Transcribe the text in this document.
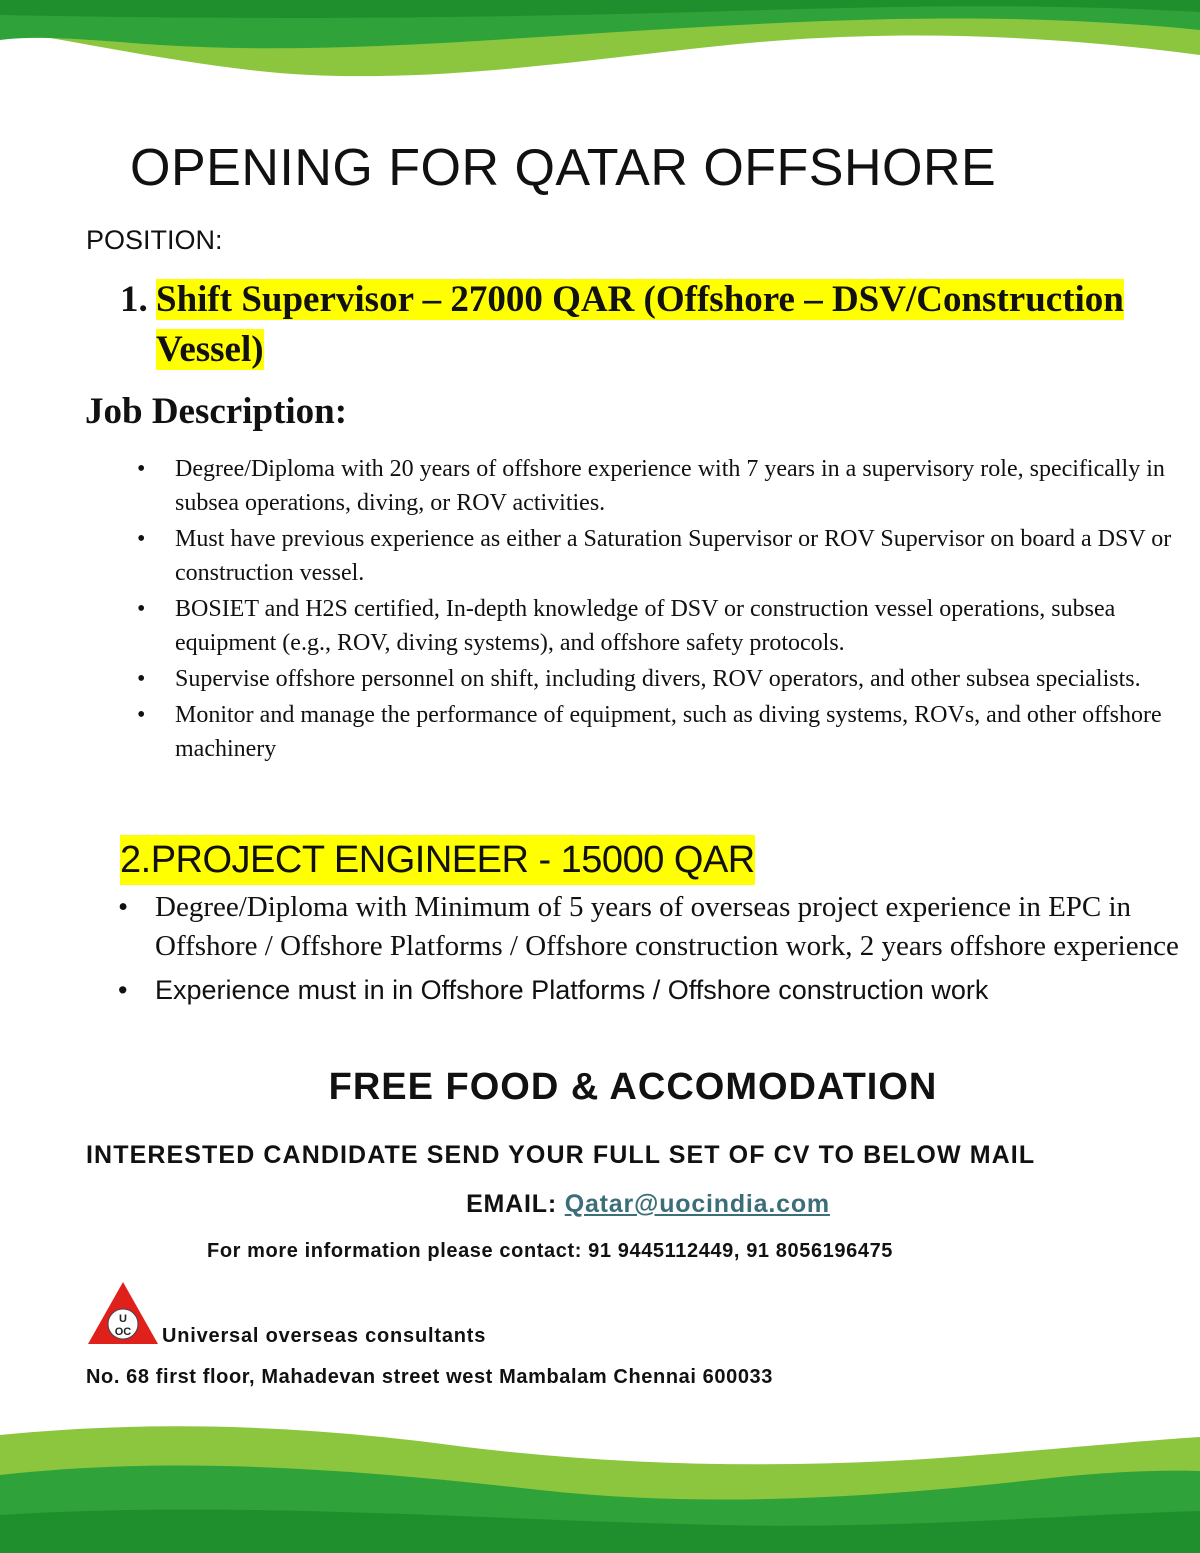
OPENING FOR QATAR OFFSHORE
POSITION:
1. Shift Supervisor – 27000 QAR (Offshore – DSV/Construction Vessel)
Job Description:
• Degree/Diploma with 20 years of offshore experience with 7 years in a supervisory role, specifically in subsea operations, diving, or ROV activities.
• Must have previous experience as either a Saturation Supervisor or ROV Supervisor on board a DSV or construction vessel.
• BOSIET and H2S certified, In-depth knowledge of DSV or construction vessel operations, subsea equipment (e.g., ROV, diving systems), and offshore safety protocols.
• Supervise offshore personnel on shift, including divers, ROV operators, and other subsea specialists.
• Monitor and manage the performance of equipment, such as diving systems, ROVs, and other offshore machinery
2.PROJECT ENGINEER - 15000 QAR
• Degree/Diploma with Minimum of 5 years of overseas project experience in EPC in Offshore / Offshore Platforms / Offshore construction work, 2 years offshore experience
• Experience must in in Offshore Platforms / Offshore construction work
FREE FOOD & ACCOMODATION
INTERESTED CANDIDATE SEND YOUR FULL SET OF CV TO BELOW MAIL
EMAIL: Qatar@uocindia.com
For more information please contact: 91 9445112449, 91 8056196475
U
OC Universal overseas consultants
No. 68 first floor, Mahadevan street west Mambalam Chennai 600033
